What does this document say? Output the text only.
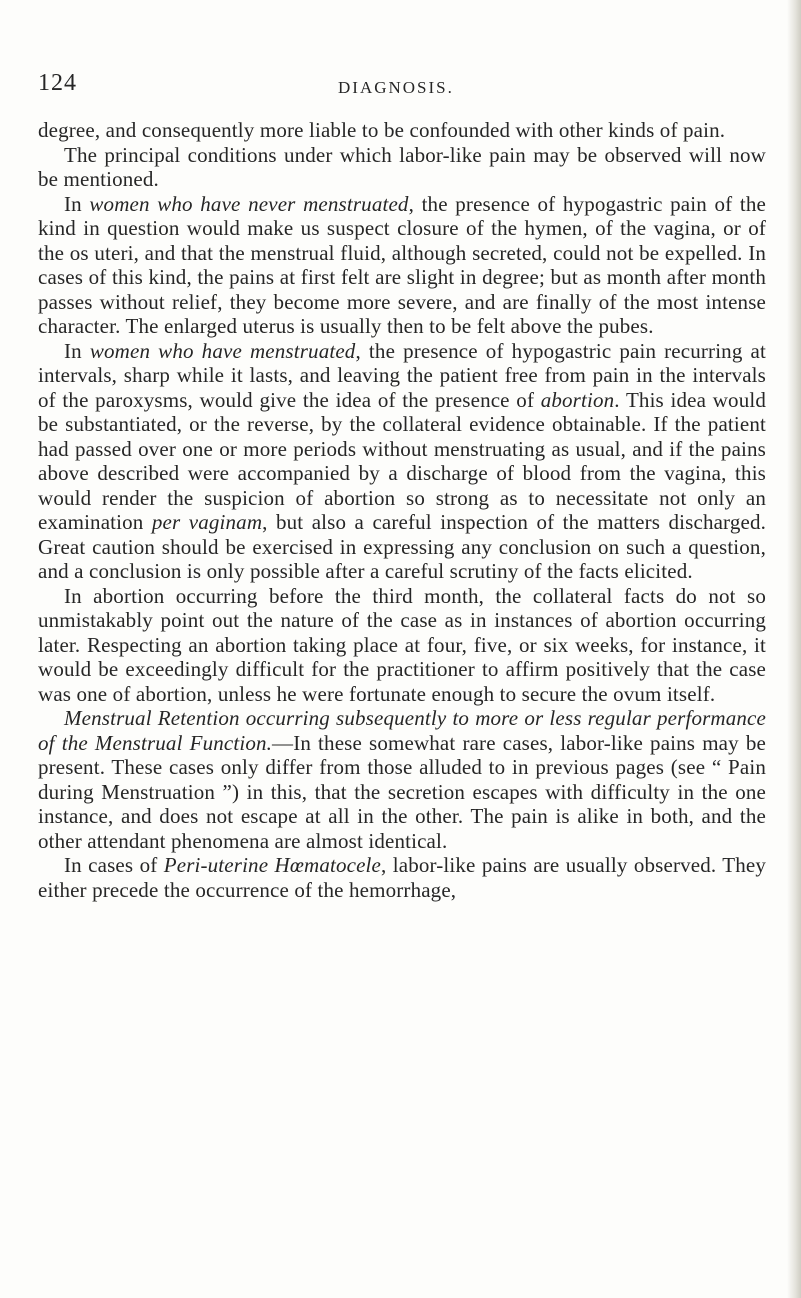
124	DIAGNOSIS.

degree, and consequently more liable to be confounded with other kinds of pain.

The principal conditions under which labor-like pain may be observed will now be mentioned.

In women who have never menstruated, the presence of hypogastric pain of the kind in question would make us suspect closure of the hymen, of the vagina, or of the os uteri, and that the menstrual fluid, although secreted, could not be expelled. In cases of this kind, the pains at first felt are slight in degree; but as month after month passes without relief, they become more severe, and are finally of the most intense character. The enlarged uterus is usually then to be felt above the pubes.

In women who have menstruated, the presence of hypogastric pain recurring at intervals, sharp while it lasts, and leaving the patient free from pain in the intervals of the paroxysms, would give the idea of the presence of abortion. This idea would be substantiated, or the reverse, by the collateral evidence obtainable. If the patient had passed over one or more periods without menstruating as usual, and if the pains above described were accompanied by a discharge of blood from the vagina, this would render the suspicion of abortion so strong as to necessitate not only an examination per vaginam, but also a careful inspection of the matters discharged. Great caution should be exercised in expressing any conclusion on such a question, and a conclusion is only possible after a careful scrutiny of the facts elicited.

In abortion occurring before the third month, the collateral facts do not so unmistakably point out the nature of the case as in instances of abortion occurring later. Respecting an abortion taking place at four, five, or six weeks, for instance, it would be exceedingly difficult for the practitioner to affirm positively that the case was one of abortion, unless he were fortunate enough to secure the ovum itself.

Menstrual Retention occurring subsequently to more or less regular performance of the Menstrual Function.—In these somewhat rare cases, labor-like pains may be present. These cases only differ from those alluded to in previous pages (see “ Pain during Menstruation ”) in this, that the secretion escapes with difficulty in the one instance, and does not escape at all in the other. The pain is alike in both, and the other attendant phenomena are almost identical.

In cases of Peri-uterine Hœmatocele, labor-like pains are usually observed. They either precede the occurrence of the hemorrhage,
